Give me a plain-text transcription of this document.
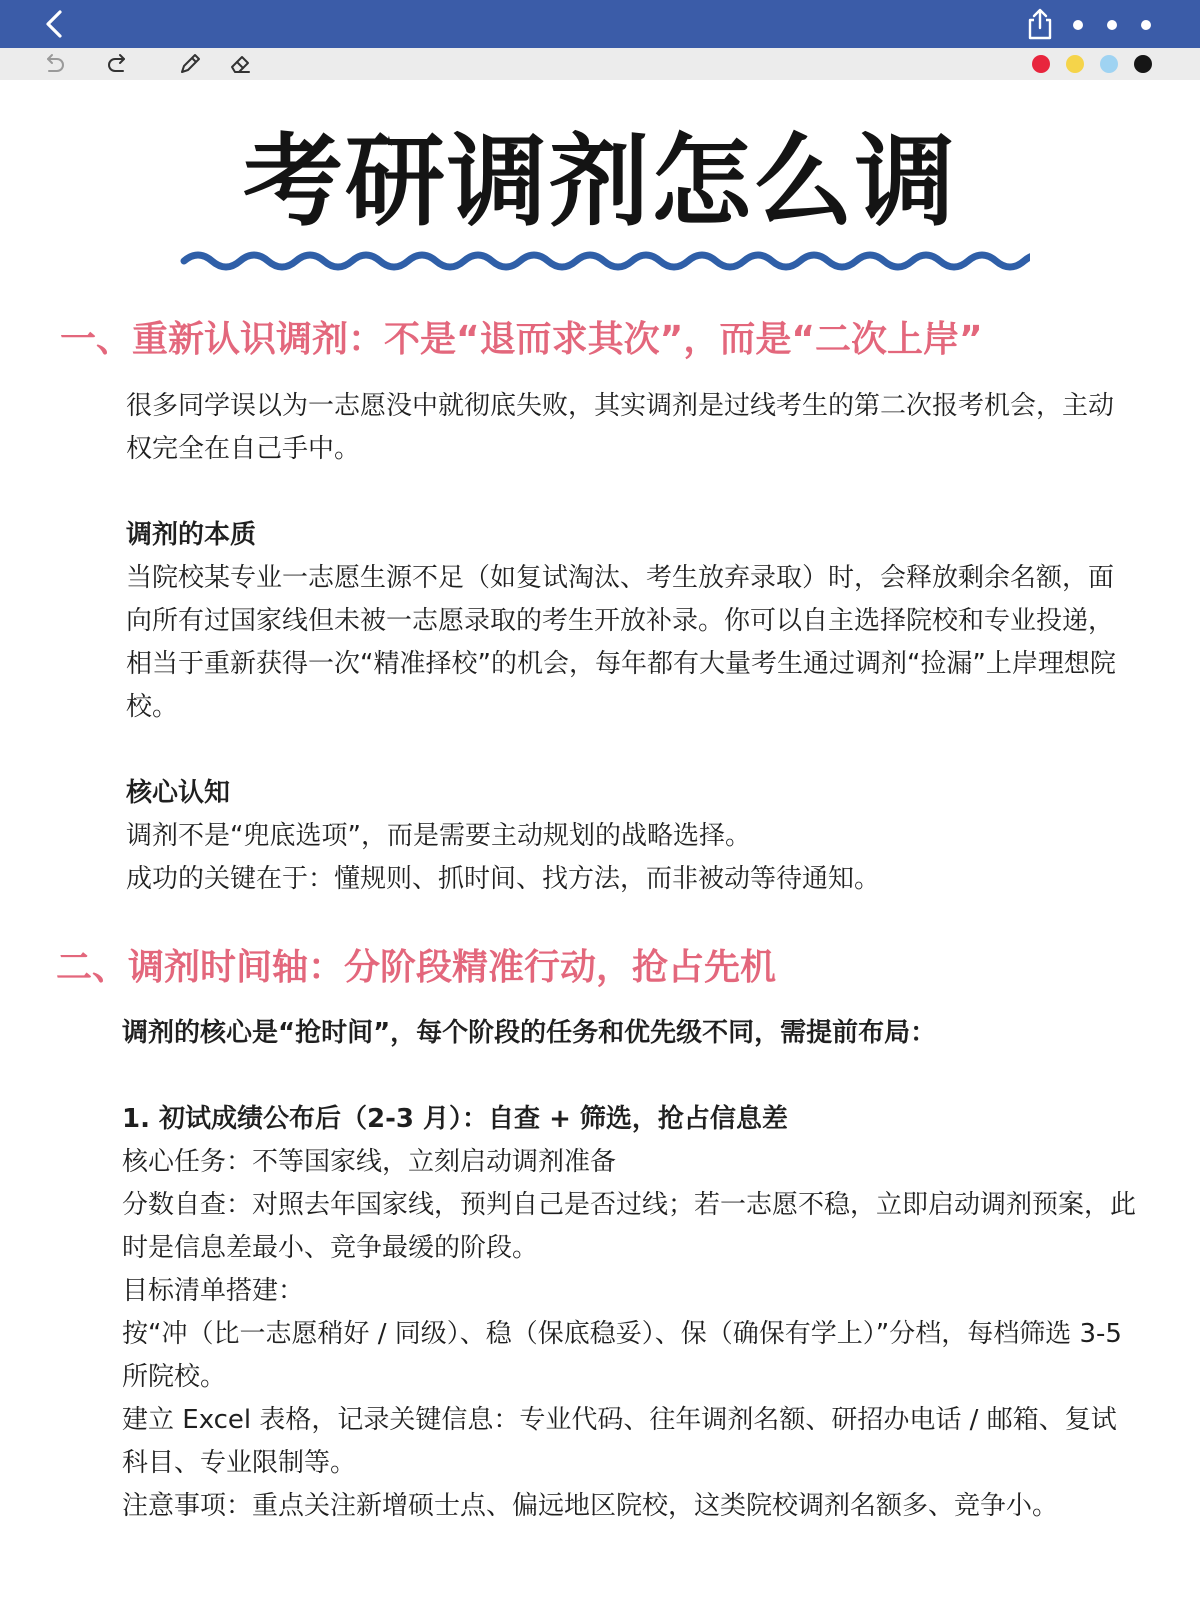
考研调剂怎么调
一、重新认识调剂：不是“退而求其次”，而是“二次上岸”

很多同学误以为一志愿没中就彻底失败，其实调剂是过线考生的第二次报考机会，主动权完全在自己手中。

调剂的本质

当院校某专业一志愿生源不足（如复试淘汰、考生放弃录取）时，会释放剩余名额，面向所有过国家线但未被一志愿录取的考生开放补录。你可以自主选择院校和专业投递，相当于重新获得一次“精准择校”的机会，每年都有大量考生通过调剂“捡漏”上岸理想院校。

核心认知

调剂不是“兜底选项”，而是需要主动规划的战略选择。

成功的关键在于：懂规则、抓时间、找方法，而非被动等待通知。

二、调剂时间轴：分阶段精准行动，抢占先机

调剂的核心是“抢时间”，每个阶段的任务和优先级不同，需提前布局：

1. 初试成绩公布后（2-3 月）：自查 + 筛选，抢占信息差

核心任务：不等国家线，立刻启动调剂准备

分数自查：对照去年国家线，预判自己是否过线；若一志愿不稳，立即启动调剂预案，此时是信息差最小、竞争最缓的阶段。

目标清单搭建：

按“冲（比一志愿稍好 / 同级）、稳（保底稳妥）、保（确保有学上）”分档，每档筛选 3-5 所院校。

建立 Excel 表格，记录关键信息：专业代码、往年调剂名额、研招办电话 / 邮箱、复试科目、专业限制等。

注意事项：重点关注新增硕士点、偏远地区院校，这类院校调剂名额多、竞争小。
